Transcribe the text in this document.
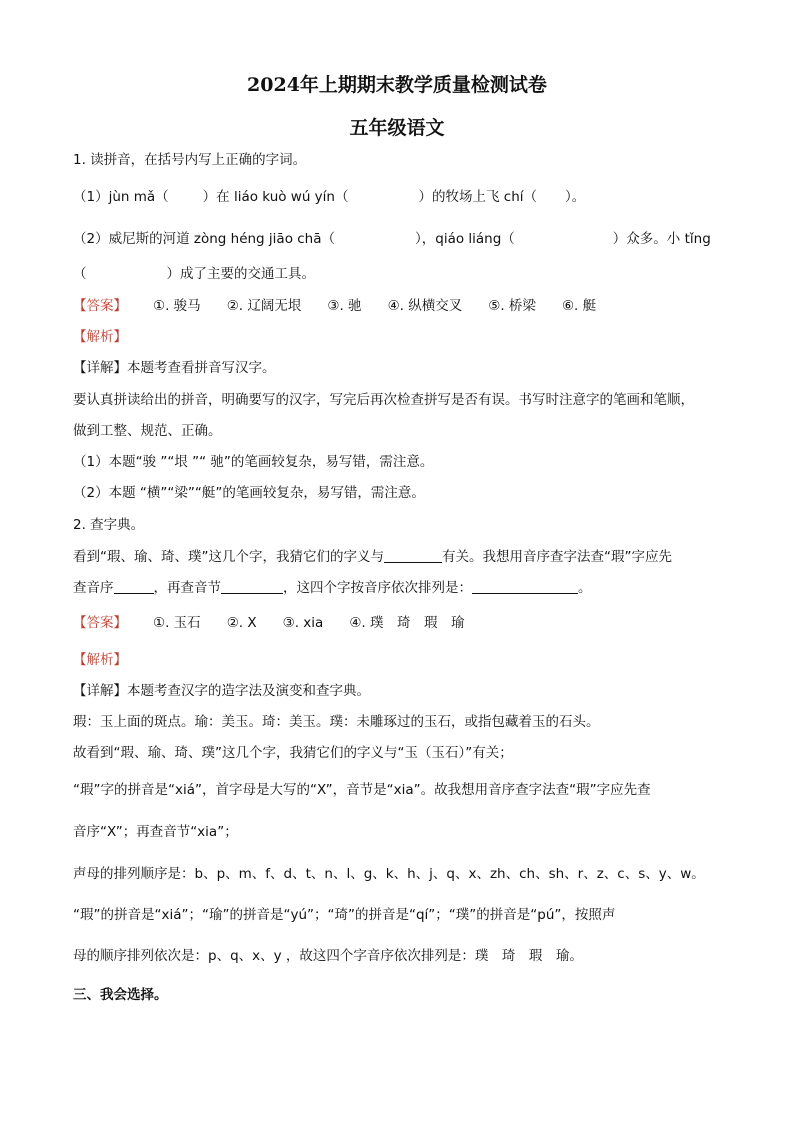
2024年上期期末教学质量检测试卷
五年级语文
1. 读拼音，在括号内写上正确的字词。
（1）jùn mǎ（	）在 liáo kuò wú yín（	）的牧场上飞 chí（ ）。
（2）威尼斯的河道 zòng héng jiāo chā（	），qiáo liáng（	）众多。小 tǐng
（	）成了主要的交通工具。
【答案】 ①. 骏马 ②. 辽阔无垠 ③. 驰 ④. 纵横交叉 ⑤. 桥梁 ⑥. 艇
【解析】
【详解】本题考查看拼音写汉字。
要认真拼读给出的拼音，明确要写的汉字，写完后再次检查拼写是否有误。书写时注意字的笔画和笔顺，
做到工整、规范、正确。
（1）本题“骏 ”“垠 ”“ 驰”的笔画较复杂，易写错，需注意。
（2）本题 “横”“梁”“艇”的笔画较复杂，易写错，需注意。
2. 查字典。
看到“瑕、瑜、琦、璞”这几个字，我猜它们的字义与	有关。我想用音序查字法查“瑕”字应先
查音序	，再查音节	，这四个字按音序依次排列是：	。
【答案】 ①. 玉石 ②. X ③. xia ④. 璞　琦　瑕　瑜
【解析】
【详解】本题考查汉字的造字法及演变和查字典。
瑕：玉上面的斑点。瑜：美玉。琦：美玉。璞：未雕琢过的玉石，或指包藏着玉的石头。
故看到“瑕、瑜、琦、璞”这几个字，我猜它们的字义与“玉（玉石）”有关；
“瑕”字的拼音是“xiá”，首字母是大写的“X”，音节是“xia”。故我想用音序查字法查“瑕”字应先查
音序“X”；再查音节“xia”；
声母的排列顺序是：b、p、m、f、d、t、n、l、g、k、h、j、q、x、zh、ch、sh、r、z、c、s、y、w。
“瑕”的拼音是“xiá”；“瑜”的拼音是“yú”；“琦”的拼音是“qí”；“璞”的拼音是“pú”，按照声
母的顺序排列依次是：p、q、x、y ，故这四个字音序依次排列是：璞　琦　瑕　瑜。
三、我会选择。
